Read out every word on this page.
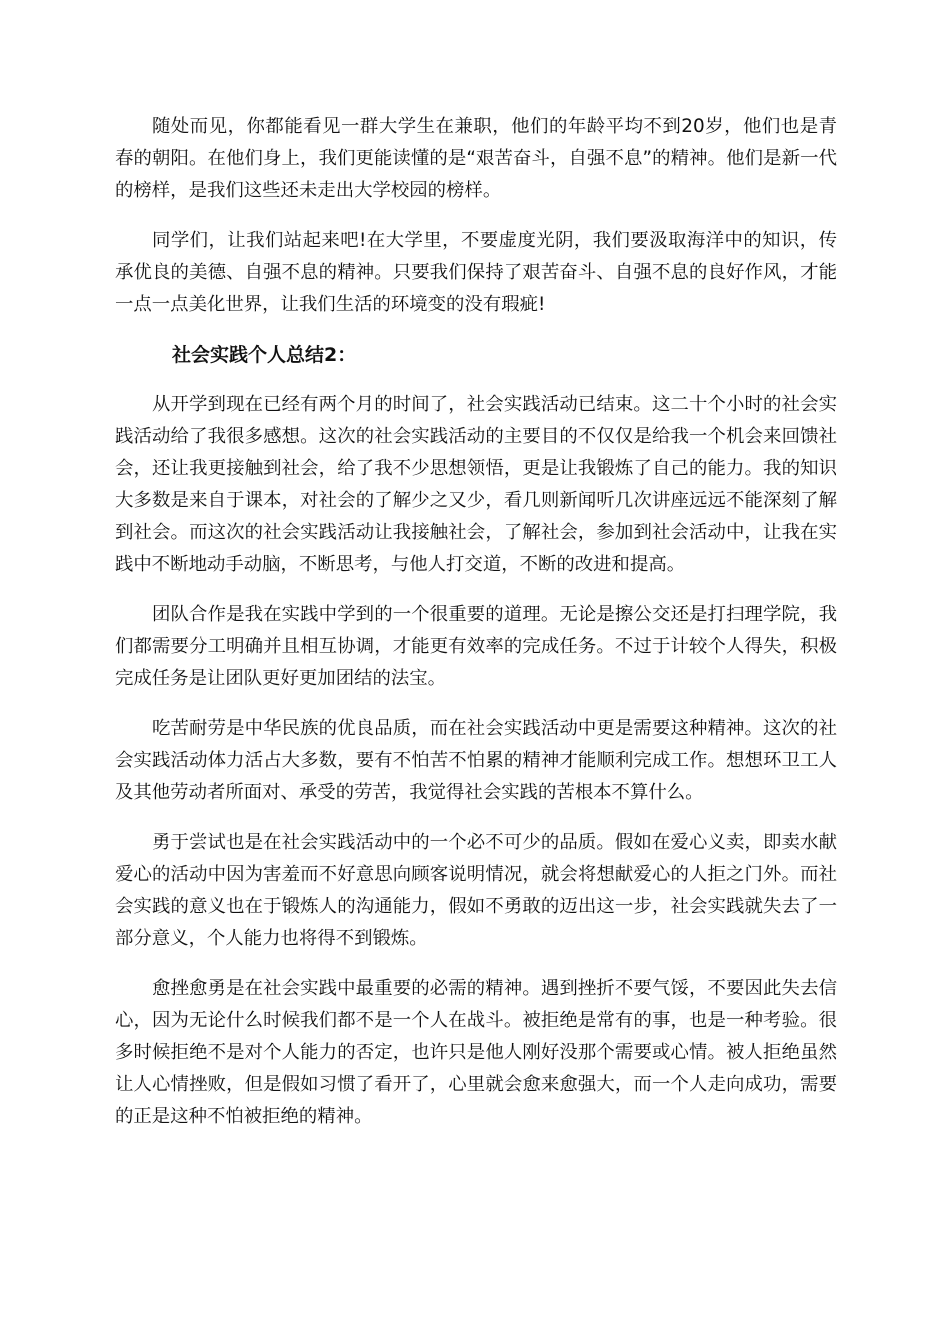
随处而见，你都能看见一群大学生在兼职，他们的年龄平均不到20岁，他们也是青春的朝阳。在他们身上，我们更能读懂的是“艰苦奋斗，自强不息”的精神。他们是新一代的榜样，是我们这些还未走出大学校园的榜样。

同学们，让我们站起来吧!在大学里，不要虚度光阴，我们要汲取海洋中的知识，传承优良的美德、自强不息的精神。只要我们保持了艰苦奋斗、自强不息的良好作风，才能一点一点美化世界，让我们生活的环境变的没有瑕疵!

社会实践个人总结2：

从开学到现在已经有两个月的时间了，社会实践活动已结束。这二十个小时的社会实践活动给了我很多感想。这次的社会实践活动的主要目的不仅仅是给我一个机会来回馈社会，还让我更接触到社会，给了我不少思想领悟，更是让我锻炼了自己的能力。我的知识大多数是来自于课本，对社会的了解少之又少，看几则新闻听几次讲座远远不能深刻了解到社会。而这次的社会实践活动让我接触社会，了解社会，参加到社会活动中，让我在实践中不断地动手动脑，不断思考，与他人打交道，不断的改进和提高。

团队合作是我在实践中学到的一个很重要的道理。无论是擦公交还是打扫理学院，我们都需要分工明确并且相互协调，才能更有效率的完成任务。不过于计较个人得失，积极完成任务是让团队更好更加团结的法宝。

吃苦耐劳是中华民族的优良品质，而在社会实践活动中更是需要这种精神。这次的社会实践活动体力活占大多数，要有不怕苦不怕累的精神才能顺利完成工作。想想环卫工人及其他劳动者所面对、承受的劳苦，我觉得社会实践的苦根本不算什么。

勇于尝试也是在社会实践活动中的一个必不可少的品质。假如在爱心义卖，即卖水献爱心的活动中因为害羞而不好意思向顾客说明情况，就会将想献爱心的人拒之门外。而社会实践的意义也在于锻炼人的沟通能力，假如不勇敢的迈出这一步，社会实践就失去了一部分意义，个人能力也将得不到锻炼。

愈挫愈勇是在社会实践中最重要的必需的精神。遇到挫折不要气馁，不要因此失去信心，因为无论什么时候我们都不是一个人在战斗。被拒绝是常有的事，也是一种考验。很多时候拒绝不是对个人能力的否定，也许只是他人刚好没那个需要或心情。被人拒绝虽然让人心情挫败，但是假如习惯了看开了，心里就会愈来愈强大，而一个人走向成功，需要的正是这种不怕被拒绝的精神。
